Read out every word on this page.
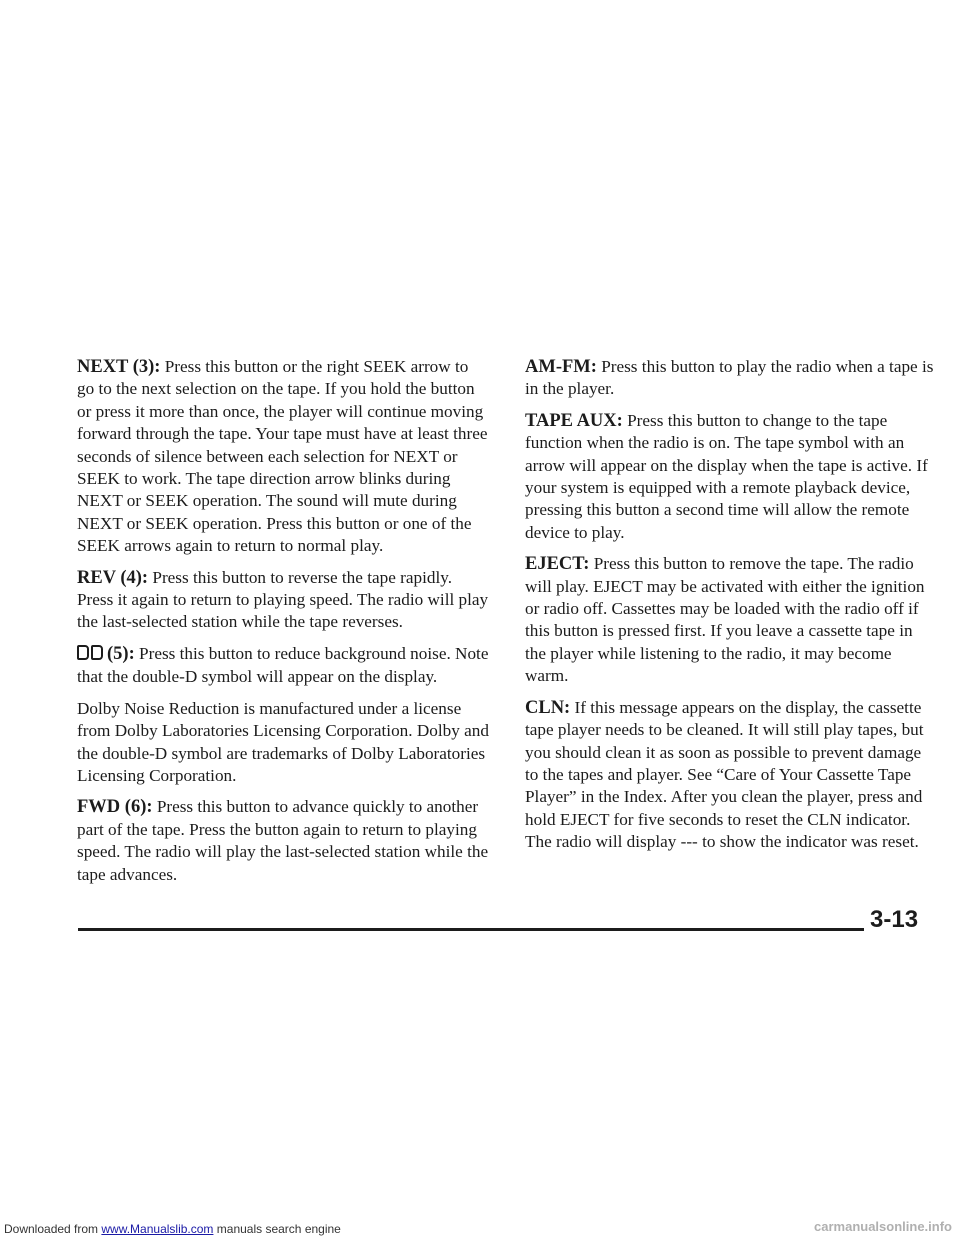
NEXT (3): Press this button or the right SEEK arrow to go to the next selection on the tape. If you hold the button or press it more than once, the player will continue moving forward through the tape. Your tape must have at least three seconds of silence between each selection for NEXT or SEEK to work. The tape direction arrow blinks during NEXT or SEEK operation. The sound will mute during NEXT or SEEK operation. Press this button or one of the SEEK arrows again to return to normal play.

REV (4): Press this button to reverse the tape rapidly. Press it again to return to playing speed. The radio will play the last-selected station while the tape reverses.

(5): Press this button to reduce background noise. Note that the double-D symbol will appear on the display.

Dolby Noise Reduction is manufactured under a license from Dolby Laboratories Licensing Corporation. Dolby and the double-D symbol are trademarks of Dolby Laboratories Licensing Corporation.

FWD (6): Press this button to advance quickly to another part of the tape. Press the button again to return to playing speed. The radio will play the last-selected station while the tape advances.

AM-FM: Press this button to play the radio when a tape is in the player.

TAPE AUX: Press this button to change to the tape function when the radio is on. The tape symbol with an arrow will appear on the display when the tape is active. If your system is equipped with a remote playback device, pressing this button a second time will allow the remote device to play.

EJECT: Press this button to remove the tape. The radio will play. EJECT may be activated with either the ignition or radio off. Cassettes may be loaded with the radio off if this button is pressed first. If you leave a cassette tape in the player while listening to the radio, it may become warm.

CLN: If this message appears on the display, the cassette tape player needs to be cleaned. It will still play tapes, but you should clean it as soon as possible to prevent damage to the tapes and player. See “Care of Your Cassette Tape Player” in the Index. After you clean the player, press and hold EJECT for five seconds to reset the CLN indicator. The radio will display --- to show the indicator was reset.

3-13
Downloaded from www.Manualslib.com manuals search engine	carmanualsonline.info
